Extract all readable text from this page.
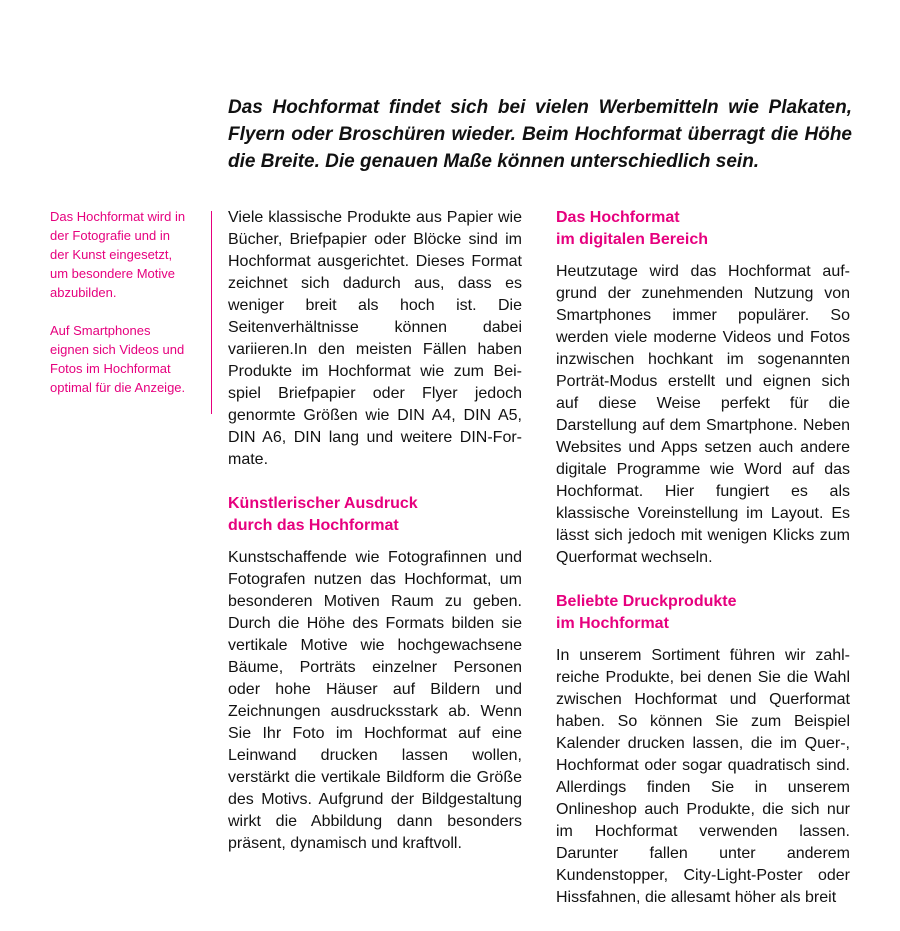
Das Hochformat findet sich bei vielen Werbemitteln wie Plakaten, Flyern oder Broschüren wieder. Beim Hochformat überragt die Höhe die Breite. Die genauen Maße können unterschiedlich sein.

Das Hochformat wird in der Fotografie und in der Kunst eingesetzt, um besondere Motive abzubilden.

Auf Smartphones eignen sich Videos und Fotos im Hochformat optimal für die Anzeige.

Viele klassische Produkte aus Papier wie Bücher, Briefpapier oder Blöcke sind im Hochformat ausgerichtet. Dieses Format zeichnet sich dadurch aus, dass es weniger breit als hoch ist. Die Seitenverhältnisse können dabei variieren.In den meisten Fällen haben Produkte im Hochformat wie zum Beispiel Briefpapier oder Flyer jedoch genormte Größen wie DIN A4, DIN A5, DIN A6, DIN lang und weitere DIN-Formate.

Künstlerischer Ausdruck
durch das Hochformat

Kunstschaffende wie Fotografinnen und Fotografen nutzen das Hochformat, um besonderen Motiven Raum zu geben. Durch die Höhe des Formats bilden sie vertikale Motive wie hochgewachsene Bäume, Porträts einzelner Personen oder hohe Häuser auf Bildern und Zeichnungen ausdrucksstark ab. Wenn Sie Ihr Foto im Hochformat auf eine Leinwand drucken lassen wollen, verstärkt die vertikale Bildform die Größe des Motivs. Aufgrund der Bildgestaltung wirkt die Abbildung dann besonders präsent, dynamisch und kraftvoll.

Das Hochformat
im digitalen Bereich

Heutzutage wird das Hochformat aufgrund der zunehmenden Nutzung von Smartphones immer populärer. So werden viele moderne Videos und Fotos inzwischen hochkant im sogenannten Porträt-Modus erstellt und eignen sich auf diese Weise perfekt für die Darstellung auf dem Smartphone. Neben Websites und Apps setzen auch andere digitale Programme wie Word auf das Hochformat. Hier fungiert es als klassische Voreinstellung im Layout. Es lässt sich jedoch mit wenigen Klicks zum Querformat wechseln.

Beliebte Druckprodukte
im Hochformat

In unserem Sortiment führen wir zahlreiche Produkte, bei denen Sie die Wahl zwischen Hochformat und Querformat haben. So können Sie zum Beispiel Kalender drucken lassen, die im Quer-, Hochformat oder sogar quadratisch sind. Allerdings finden Sie in unserem Onlineshop auch Produkte, die sich nur im Hochformat verwenden lassen. Darunter fallen unter anderem Kundenstopper, City-Light-Poster oder Hissfahnen, die allesamt höher als breit
